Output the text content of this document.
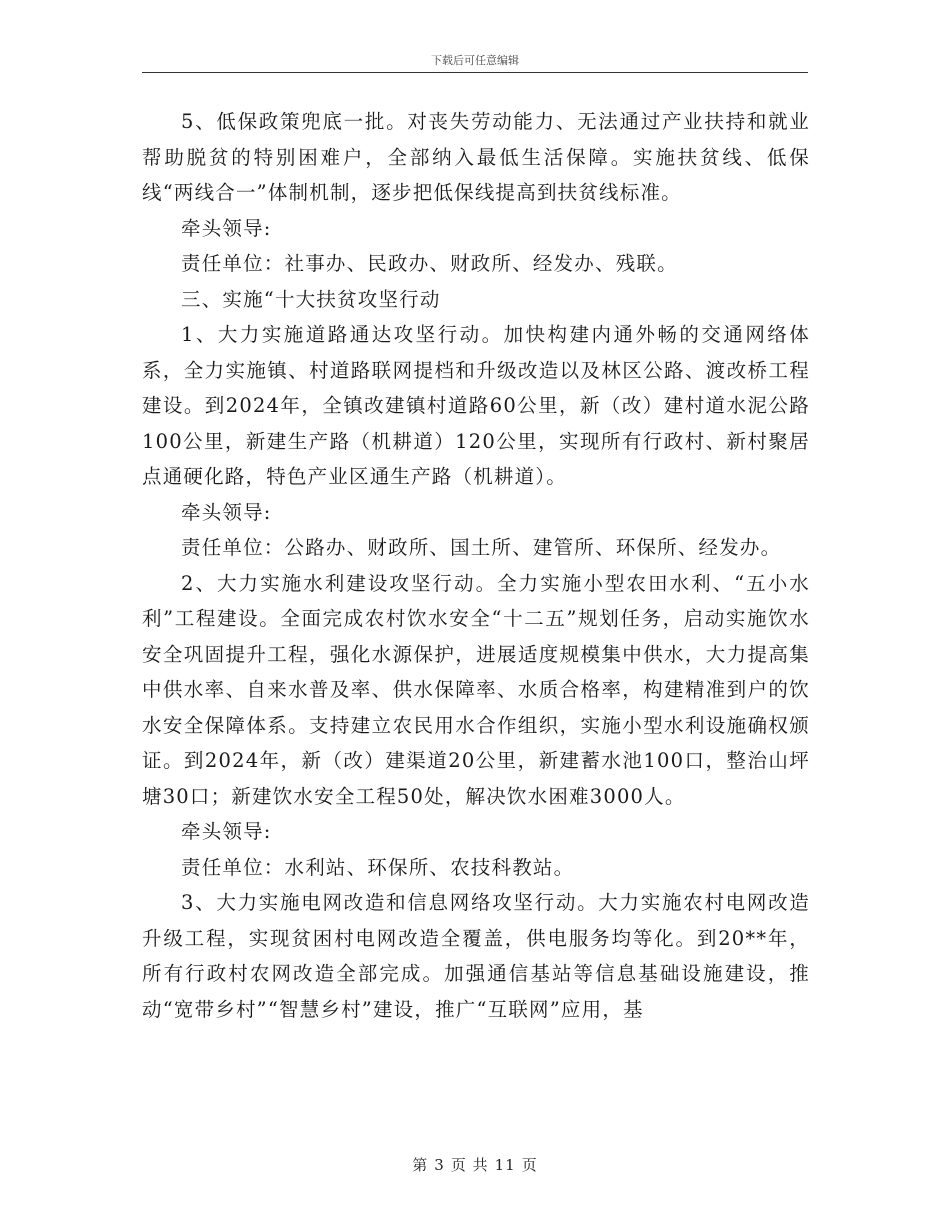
下载后可任意编辑

5、低保政策兜底一批。对丧失劳动能力、无法通过产业扶持和就业帮助脱贫的特别困难户，全部纳入最低生活保障。实施扶贫线、低保线“两线合一”体制机制，逐步把低保线提高到扶贫线标准。

牵头领导:

责任单位：社事办、民政办、财政所、经发办、残联。

三、实施“十大扶贫攻坚行动

1、大力实施道路通达攻坚行动。加快构建内通外畅的交通网络体系，全力实施镇、村道路联网提档和升级改造以及林区公路、渡改桥工程建设。到2024年，全镇改建镇村道路60公里，新（改）建村道水泥公路100公里，新建生产路（机耕道）120公里，实现所有行政村、新村聚居点通硬化路，特色产业区通生产路（机耕道）。

牵头领导:

责任单位：公路办、财政所、国土所、建管所、环保所、经发办。

2、大力实施水利建设攻坚行动。全力实施小型农田水利、“五小水利”工程建设。全面完成农村饮水安全“十二五”规划任务，启动实施饮水安全巩固提升工程，强化水源保护，进展适度规模集中供水，大力提高集中供水率、自来水普及率、供水保障率、水质合格率，构建精准到户的饮水安全保障体系。支持建立农民用水合作组织，实施小型水利设施确权颁证。到2024年，新（改）建渠道20公里，新建蓄水池100口，整治山坪塘30口；新建饮水安全工程50处，解决饮水困难3000人。

牵头领导:

责任单位：水利站、环保所、农技科教站。

3、大力实施电网改造和信息网络攻坚行动。大力实施农村电网改造升级工程，实现贫困村电网改造全覆盖，供电服务均等化。到20**年，所有行政村农网改造全部完成。加强通信基站等信息基础设施建设，推动“宽带乡村”“智慧乡村”建设，推广“互联网”应用，基

第 3 页 共 11 页
